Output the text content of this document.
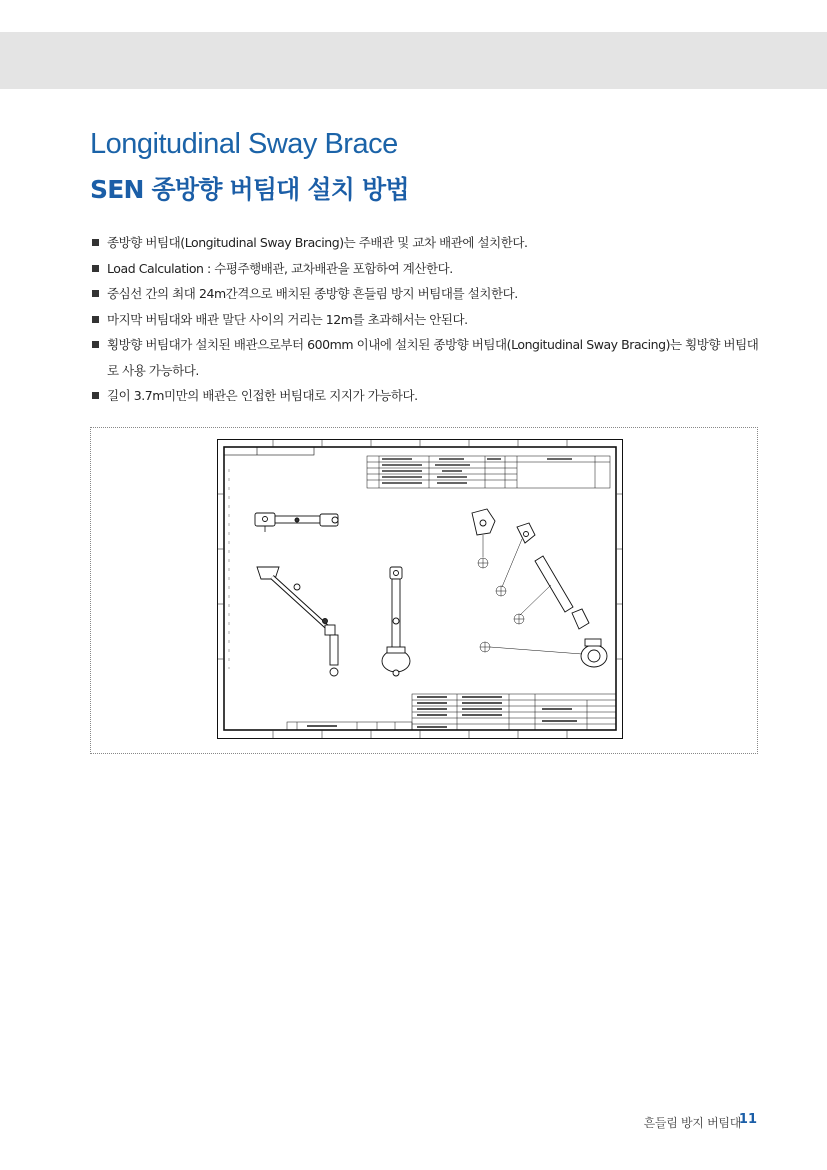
Longitudinal Sway Brace
SEN 종방향 버팀대 설치 방법
종방향 버팀대(Longitudinal Sway Bracing)는 주배관 및 교차 배관에 설치한다.
Load Calculation : 수평주행배관, 교차배관을 포함하여 계산한다.
중심선 간의 최대 24m간격으로 배치된 종방향 흔들림 방지 버팀대를 설치한다.
마지막 버팀대와 배관 말단 사이의 거리는 12m를 초과해서는 안된다.
횡방향 버팀대가 설치된 배관으로부터 600mm 이내에 설치된 종방향 버팀대(Longitudinal Sway Bracing)는 횡방향 버팀대로 사용 가능하다.
길이 3.7m미만의 배관은 인접한 버팀대로 지지가 가능하다.
흔들림 방지 버팀대
11
